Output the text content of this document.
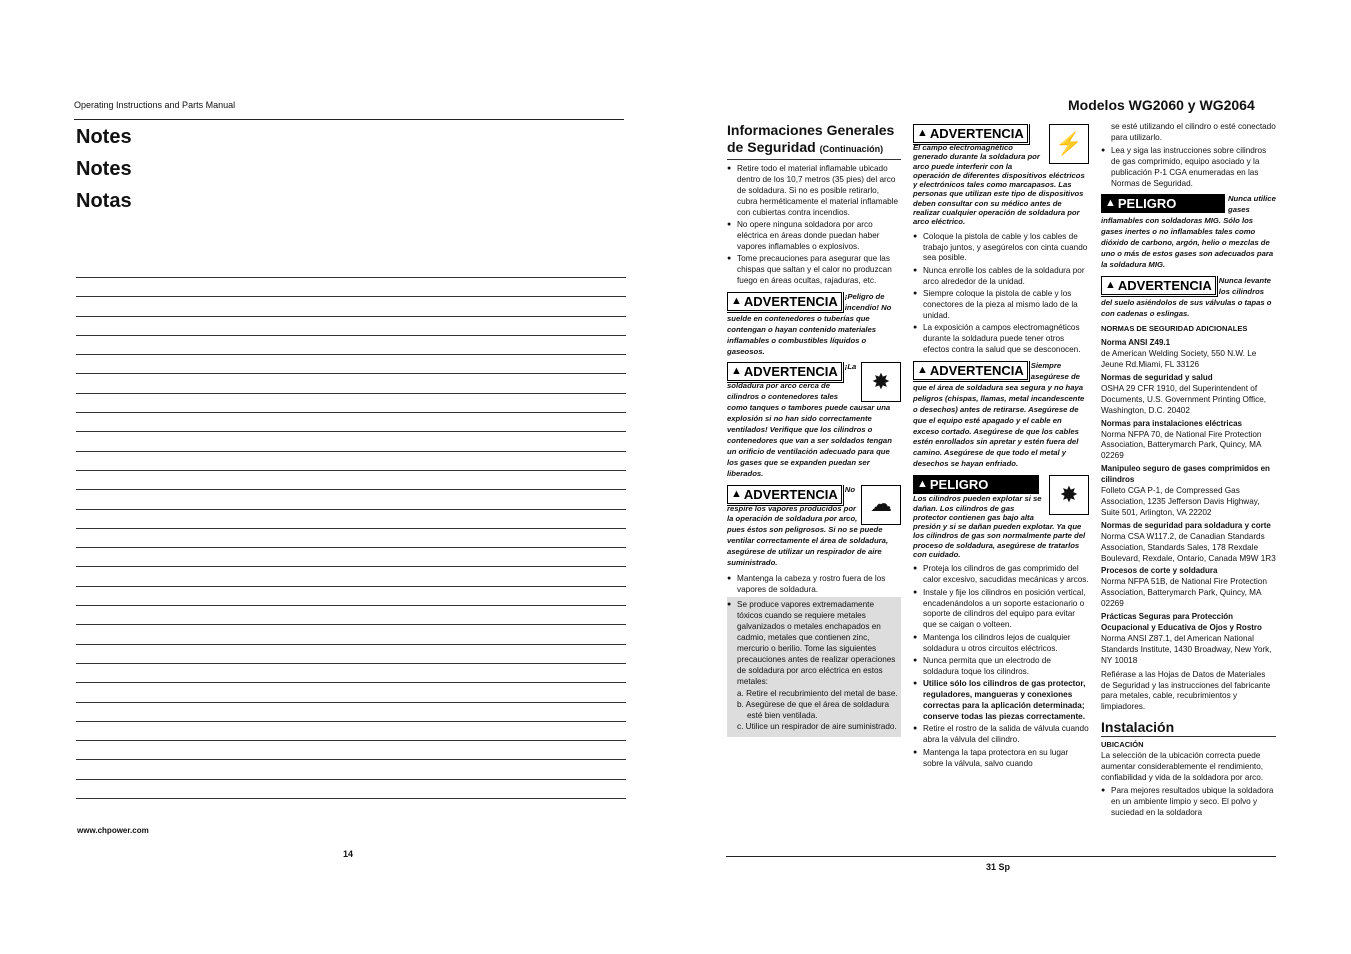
Operating Instructions and Parts Manual
Notes
Notes
Notas
www.chpower.com
14
Modelos WG2060 y WG2064
31 Sp
Informaciones Generales de Seguridad (Continuación)
● Retire todo el material inflamable ubicado dentro de los 10,7 metros (35 pies) del arco de soldadura. Si no es posible retirarlo, cubra herméticamente el material inflamable con cubiertas contra incendios.
● No opere ninguna soldadora por arco eléctrica en áreas donde puedan haber vapores inflamables o explosivos.
● Tome precauciones para asegurar que las chispas que saltan y el calor no produzcan fuego en áreas ocultas, rajaduras, etc.
▲ ADVERTENCIA ¡Peligro de incendio! No suelde en contenedores o tuberías que contengan o hayan contenido materiales inflamables o combustibles líquidos o gaseosos.
✸
▲ ADVERTENCIA ¡La soldadura por arco cerca de cilindros o contenedores tales como tanques o tambores puede causar una explosión si no han sido correctamente ventilados! Verifique que los cilindros o contenedores que van a ser soldados tengan un orificio de ventilación adecuado para que los gases que se expanden puedan ser liberados.
☁
▲ ADVERTENCIA No respire los vapores producidos por la operación de soldadura por arco, pues éstos son peligrosos. Si no se puede ventilar correctamente el área de soldadura, asegúrese de utilizar un respirador de aire suministrado.
● Mantenga la cabeza y rostro fuera de los vapores de soldadura.
● Se produce vapores extremadamente tóxicos cuando se requiere metales galvanizados o metales enchapados en cadmio, metales que contienen zinc, mercurio o berilio. Tome las siguientes precauciones antes de realizar operaciones de soldadura por arco eléctrica en estos metales:
a. Retire el recubrimiento del metal de base.
b. Asegúrese de que el área de soldadura esté bien ventilada.
c. Utilice un respirador de aire suministrado.
⚡
▲ ADVERTENCIA
El campo electromagnético generado durante la soldadura por arco puede interferir con la operación de diferentes dispositivos eléctricos y electrónicos tales como marcapasos. Las personas que utilizan este tipo de dispositivos deben consultar con su médico antes de realizar cualquier operación de soldadura por arco eléctrico.
● Coloque la pistola de cable y los cables de trabajo juntos, y asegúrelos con cinta cuando sea posible.
● Nunca enrolle los cables de la soldadura por arco alrededor de la unidad.
● Siempre coloque la pistola de cable y los conectores de la pieza al mismo lado de la unidad.
● La exposición a campos electromagnéticos durante la soldadura puede tener otros efectos contra la salud que se desconocen.
▲ ADVERTENCIA Siempre asegúrese de que el área de soldadura sea segura y no haya peligros (chispas, llamas, metal incandescente o desechos) antes de retirarse. Asegúrese de que el equipo esté apagado y el cable en exceso cortado. Asegúrese de que los cables estén enrollados sin apretar y estén fuera del camino. Asegúrese de que todo el metal y desechos se hayan enfriado.
✸
▲ PELIGRO
Los cilindros pueden explotar si se dañan. Los cilindros de gas protector contienen gas bajo alta presión y si se dañan pueden explotar. Ya que los cilindros de gas son normalmente parte del proceso de soldadura, asegúrese de tratarlos con cuidado.
● Proteja los cilindros de gas comprimido del calor excesivo, sacudidas mecánicas y arcos.
● Instale y fije los cilindros en posición vertical, encadenándolos a un soporte estacionario o soporte de cilindros del equipo para evitar que se caigan o volteen.
● Mantenga los cilindros lejos de cualquier soldadura u otros circuitos eléctricos.
● Nunca permita que un electrodo de soldadura toque los cilindros.
● Utilice sólo los cilindros de gas protector, reguladores, mangueras y conexiones correctas para la aplicación determinada; conserve todas las piezas correctamente.
● Retire el rostro de la salida de válvula cuando abra la válvula del cilindro.
● Mantenga la tapa protectora en su lugar sobre la válvula, salvo cuando
se esté utilizando el cilindro o esté conectado para utilizarlo.
● Lea y siga las instrucciones sobre cilindros de gas comprimido, equipo asociado y la publicación P-1 CGA enumeradas en las Normas de Seguridad.
▲ PELIGRO	Nunca utilice gases inflamables con soldadoras MIG. Sólo los gases inertes o no inflamables tales como dióxido de carbono, argón, helio o mezclas de uno o más de estos gases son adecuados para la soldadura MIG.
▲ ADVERTENCIA Nunca levante los cilindros del suelo asiéndolos de sus válvulas o tapas o con cadenas o eslingas.
NORMAS DE SEGURIDAD ADICIONALES
Norma ANSI Z49.1
de American Welding Society, 550 N.W. Le Jeune Rd.Miami, FL 33126
Normas de seguridad y salud
OSHA 29 CFR 1910, del Superintendent of Documents, U.S. Government Printing Office, Washington, D.C. 20402
Normas para instalaciones eléctricas
Norma NFPA 70, de National Fire Protection Association, Batterymarch Park, Quincy, MA 02269
Manipuleo seguro de gases comprimidos en cilindros
Folleto CGA P-1, de Compressed Gas Association, 1235 Jefferson Davis Highway, Suite 501, Arlington, VA 22202
Normas de seguridad para soldadura y corte
Norma CSA W117.2, de Canadian Standards Association, Standards Sales, 178 Rexdale Boulevard, Rexdale, Ontario, Canada M9W 1R3
Procesos de corte y soldadura
Norma NFPA 51B, de National Fire Protection Association, Batterymarch Park, Quincy, MA 02269
Prácticas Seguras para Protección Ocupacional y Educativa de Ojos y Rostro
Norma ANSI Z87.1, del American National Standards Institute, 1430 Broadway, New York, NY 10018
Refiérase a las Hojas de Datos de Materiales de Seguridad y las instrucciones del fabricante para metales, cable, recubrimientos y limpiadores.
Instalación
UBICACIÓN
La selección de la ubicación correcta puede aumentar considerablemente el rendimiento, confiabilidad y vida de la soldadora por arco.
● Para mejores resultados ubique la soldadora en un ambiente limpio y seco. El polvo y suciedad en la soldadora
